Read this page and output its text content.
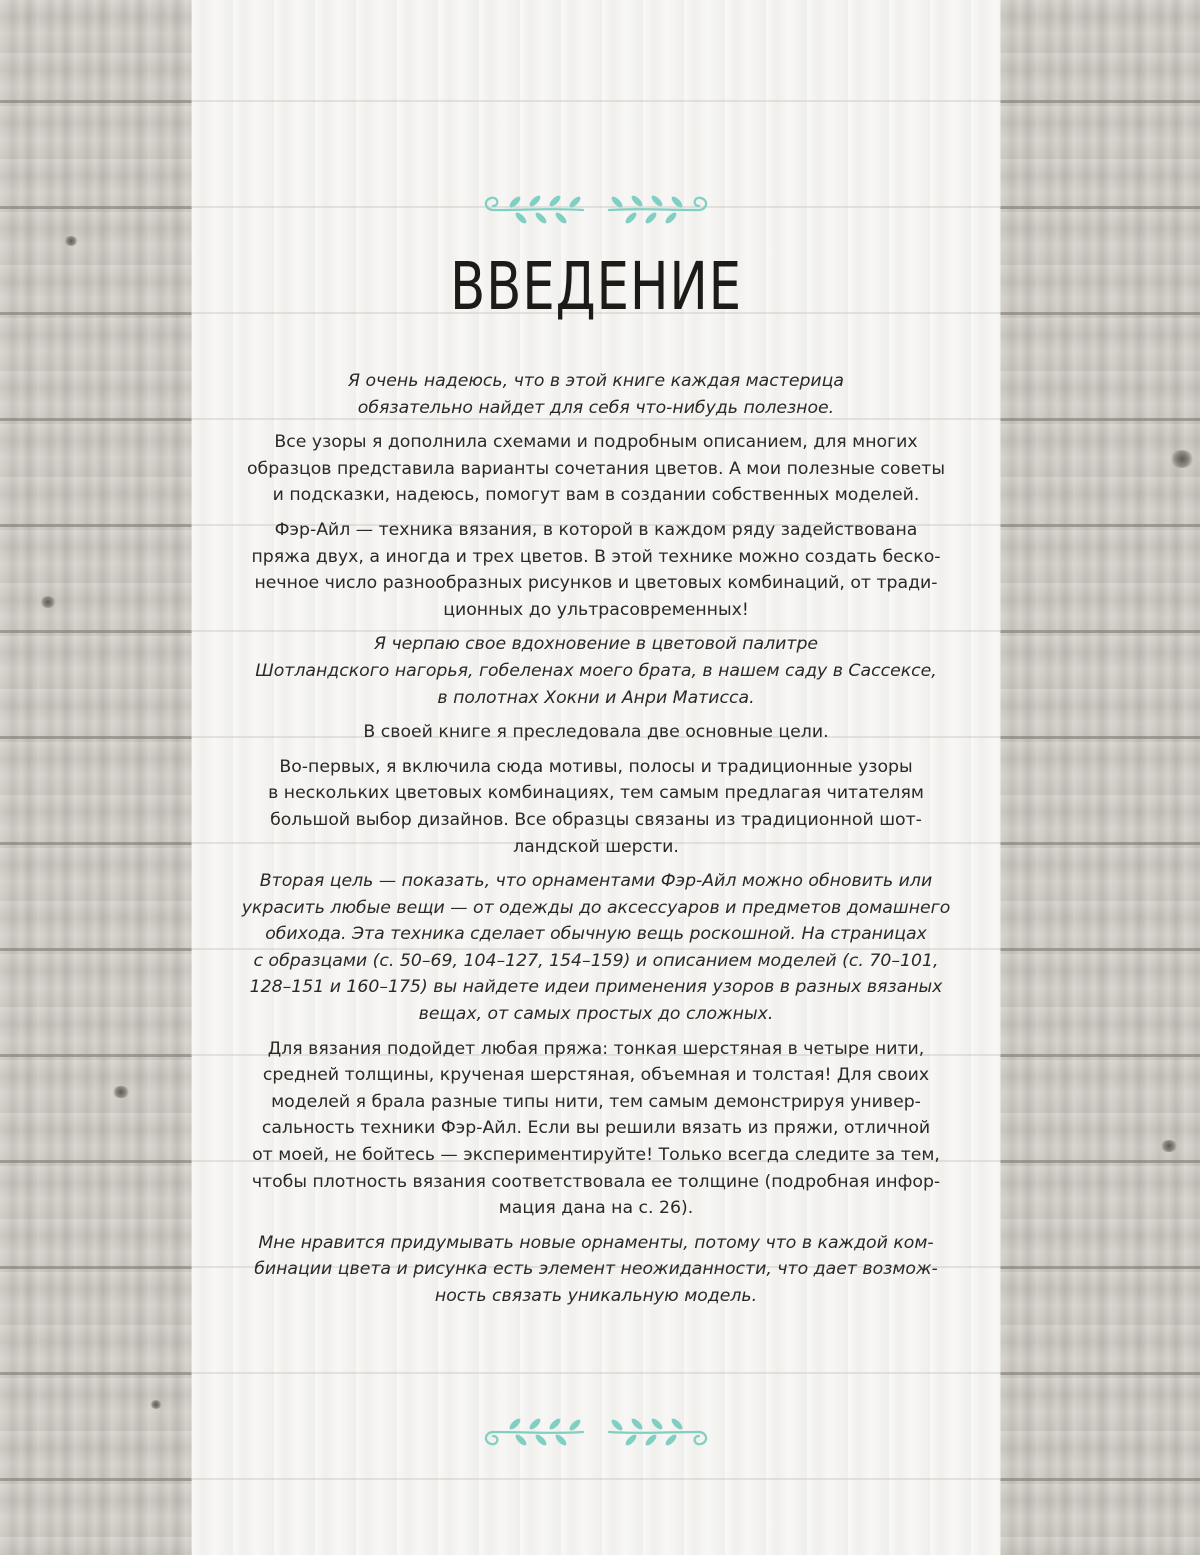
ВВЕДЕНИЕ

Я очень надеюсь, что в этой книге каждая мастерица
обязательно найдет для себя что-нибудь полезное.

Все узоры я дополнила схемами и подробным описанием, для многих
образцов представила варианты сочетания цветов. А мои полезные советы
и подсказки, надеюсь, помогут вам в создании собственных моделей.

Фэр-Айл — техника вязания, в которой в каждом ряду задействована
пряжа двух, а иногда и трех цветов. В этой технике можно создать беско-
нечное число разнообразных рисунков и цветовых комбинаций, от тради-
ционных до ультрасовременных!

Я черпаю свое вдохновение в цветовой палитре
Шотландского нагорья, гобеленах моего брата, в нашем саду в Сассексе,
в полотнах Хокни и Анри Матисса.

В своей книге я преследовала две основные цели.

Во-первых, я включила сюда мотивы, полосы и традиционные узоры
в нескольких цветовых комбинациях, тем самым предлагая читателям
большой выбор дизайнов. Все образцы связаны из традиционной шот-
ландской шерсти.

Вторая цель — показать, что орнаментами Фэр-Айл можно обновить или
украсить любые вещи — от одежды до аксессуаров и предметов домашнего
обихода. Эта техника сделает обычную вещь роскошной. На страницах
с образцами (с. 50–69, 104–127, 154–159) и описанием моделей (с. 70–101,
128–151 и 160–175) вы найдете идеи применения узоров в разных вязаных
вещах, от самых простых до сложных.

Для вязания подойдет любая пряжа: тонкая шерстяная в четыре нити,
средней толщины, крученая шерстяная, объемная и толстая! Для своих
моделей я брала разные типы нити, тем самым демонстрируя универ-
сальность техники Фэр-Айл. Если вы решили вязать из пряжи, отличной
от моей, не бойтесь — экспериментируйте! Только всегда следите за тем,
чтобы плотность вязания соответствовала ее толщине (подробная инфор-
мация дана на с. 26).

Мне нравится придумывать новые орнаменты, потому что в каждой ком-
бинации цвета и рисунка есть элемент неожиданности, что дает возмож-
ность связать уникальную модель.
